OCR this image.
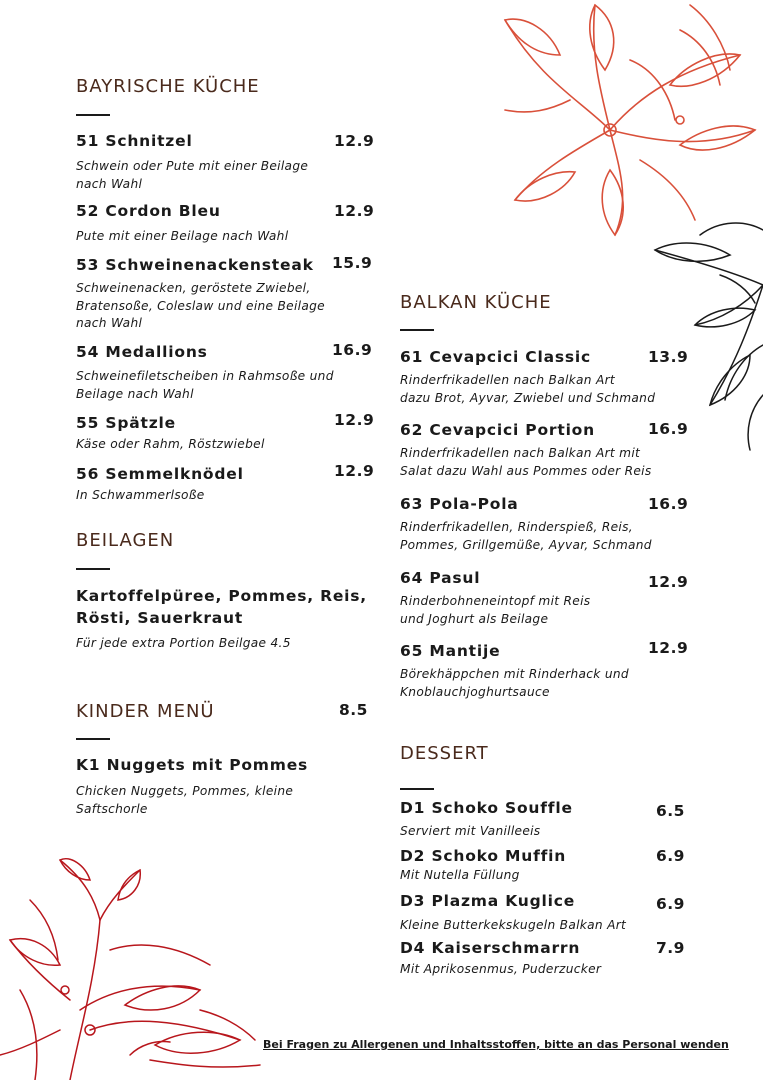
BAYRISCHE KÜCHE
51 Schnitzel	12.9
Schwein oder Pute mit einer Beilage
nach Wahl
52 Cordon Bleu	12.9
Pute mit einer Beilage nach Wahl
53 Schweinenackensteak 15.9
Schweinenacken, geröstete Zwiebel,
Bratensoße, Coleslaw und eine Beilage
nach Wahl
54 Medallions	16.9
Schweinefiletscheiben in Rahmsoße und
Beilage nach Wahl
55 Spätzle	12.9
Käse oder Rahm, Röstzwiebel
56 Semmelknödel	12.9
In Schwammerlsoße
BEILAGEN
Kartoffelpüree, Pommes, Reis,
Rösti, Sauerkraut
Für jede extra Portion Beilgae 4.5
KINDER MENÜ	8.5
K1 Nuggets mit Pommes
Chicken Nuggets, Pommes, kleine
Saftschorle
BALKAN KÜCHE
61 Cevapcici Classic	13.9
Rinderfrikadellen nach Balkan Art
dazu Brot, Ayvar, Zwiebel und Schmand
62 Cevapcici Portion	16.9
Rinderfrikadellen nach Balkan Art mit
Salat dazu Wahl aus Pommes oder Reis
63 Pola-Pola	16.9
Rinderfrikadellen, Rinderspieß, Reis,
Pommes, Grillgemüße, Ayvar, Schmand
64 Pasul	12.9
Rinderbohneneintopf mit Reis
und Joghurt als Beilage
65 Mantije	12.9
Börekhäppchen mit Rinderhack und
Knoblauchjoghurtsauce
DESSERT
D1 Schoko Souffle	6.5
Serviert mit Vanilleeis
D2 Schoko Muffin	6.9
Mit Nutella Füllung
D3 Plazma Kuglice	6.9
Kleine Butterkekskugeln Balkan Art
D4 Kaiserschmarrn	7.9
Mit Aprikosenmus, Puderzucker
Bei Fragen zu Allergenen und Inhaltsstoffen, bitte an das Personal wenden
